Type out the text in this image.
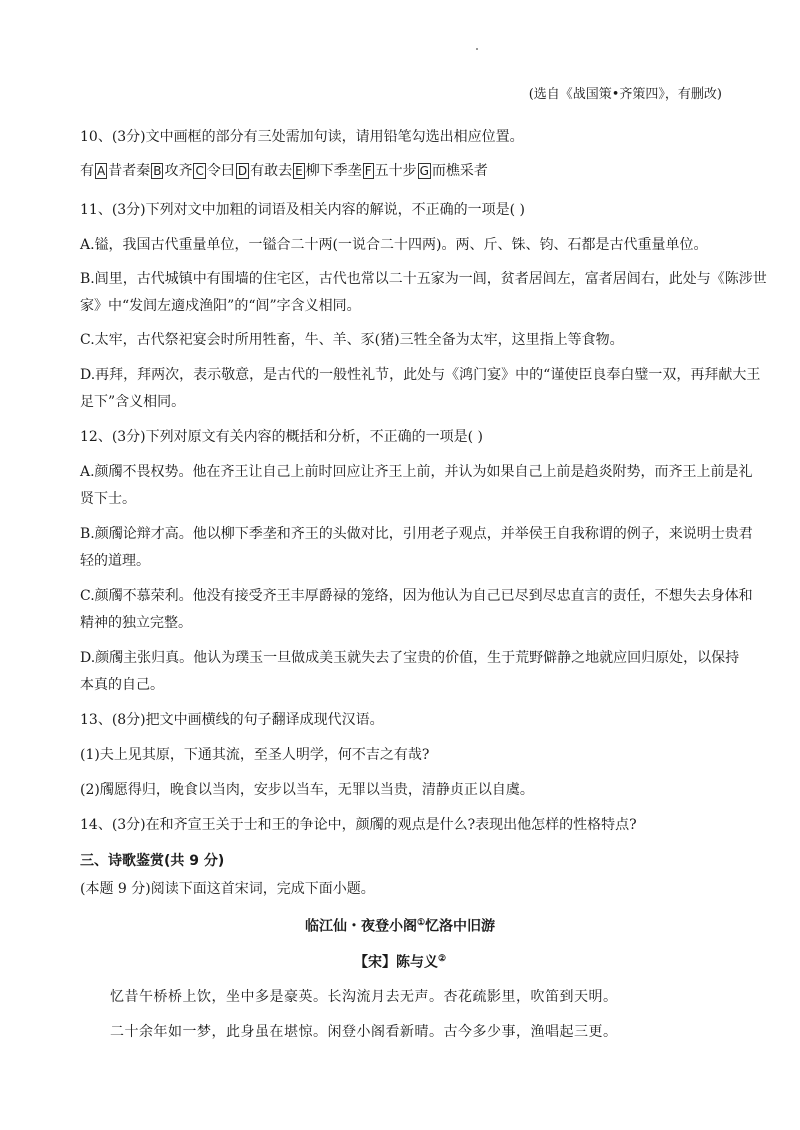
(选自《战国策•齐策四》，有删改)
10、(3分)文中画框的部分有三处需加句读，请用铅笔勾选出相应位置。
有 A 昔者秦 B 攻齐 C 令曰 D 有敢去 E 柳下季垄 F 五十步 G 而樵采者
11、(3分)下列对文中加粗的词语及相关内容的解说，不正确的一项是( )
A.镒，我国古代重量单位，一镒合二十两(一说合二十四两)。两、斤、铢、钧、石都是古代重量单位。
B.闾里，古代城镇中有围墙的住宅区，古代也常以二十五家为一闾，贫者居闾左，富者居闾右，此处与《陈涉世
家》中“发闾左適戍渔阳”的“闾”字含义相同。
C.太牢，古代祭祀宴会时所用牲畜，牛、羊、豕(猪)三牲全备为太牢，这里指上等食物。
D.再拜，拜两次，表示敬意，是古代的一般性礼节，此处与《鸿门宴》中的“谨使臣良奉白璧一双，再拜献大王
足下”含义相同。
12、(3分)下列对原文有关内容的概括和分析，不正确的一项是( )
A.颜斶不畏权势。他在齐王让自己上前时回应让齐王上前，并认为如果自己上前是趋炎附势，而齐王上前是礼
贤下士。
B.颜斶论辩才高。他以柳下季垄和齐王的头做对比，引用老子观点，并举侯王自我称谓的例子，来说明士贵君
轻的道理。
C.颜斶不慕荣利。他没有接受齐王丰厚爵禄的笼络，因为他认为自己已尽到尽忠直言的责任，不想失去身体和
精神的独立完整。
D.颜斶主张归真。他认为璞玉一旦做成美玉就失去了宝贵的价值，生于荒野僻静之地就应回归原处，以保持
本真的自己。
13、(8分)把文中画横线的句子翻译成现代汉语。
(1)夫上见其原，下通其流，至圣人明学，何不吉之有哉?
(2)斶愿得归，晚食以当肉，安步以当车，无罪以当贵，清静贞正以自虞。
14、(3分)在和齐宣王关于士和王的争论中，颜斶的观点是什么?表现出他怎样的性格特点?
三、诗歌鉴赏(共 9 分)
(本题 9 分)阅读下面这首宋词，完成下面小题。
临江仙・夜登小阁①忆洛中旧游
【宋】陈与义②
忆昔午桥桥上饮，坐中多是豪英。长沟流月去无声。杏花疏影里，吹笛到天明。
二十余年如一梦，此身虽在堪惊。闲登小阁看新晴。古今多少事，渔唱起三更。
